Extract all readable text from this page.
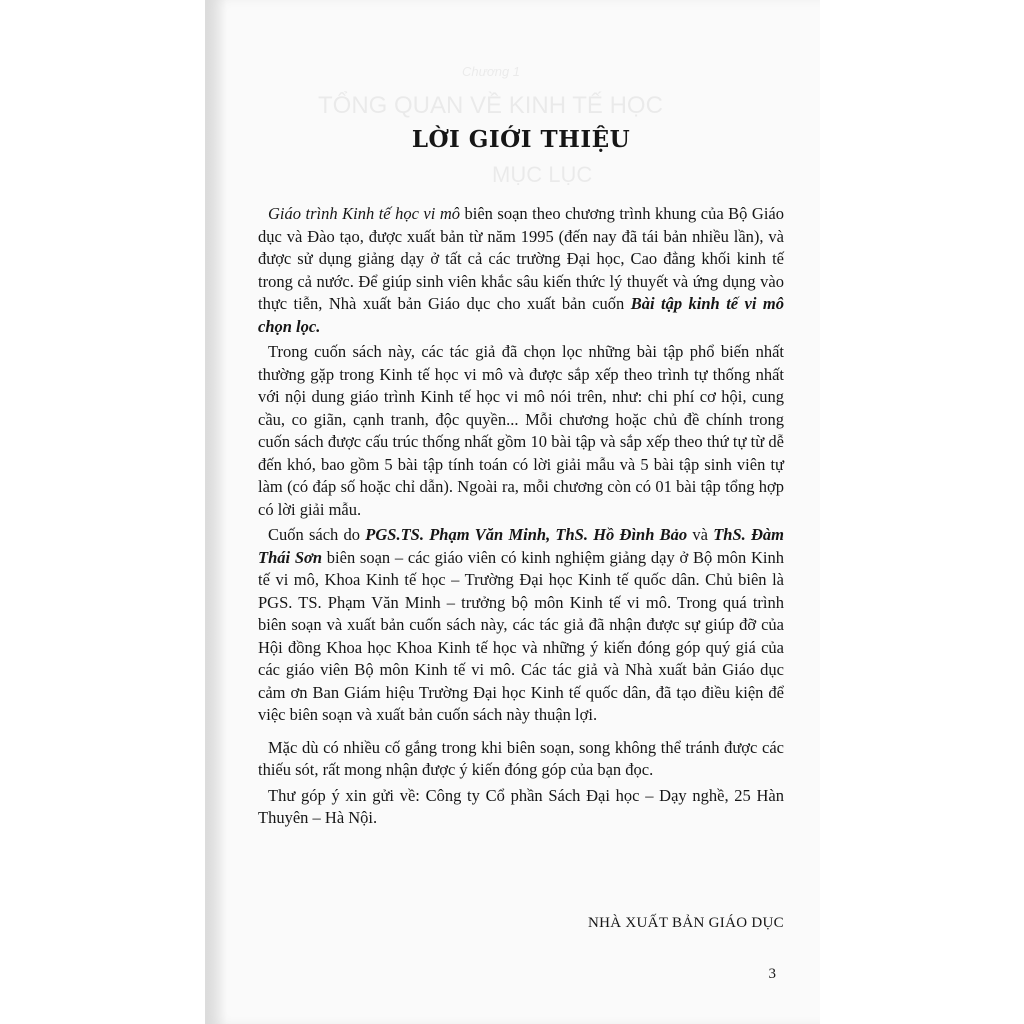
Chương 1
TỔNG QUAN VỀ KINH TẾ HỌC
MỤC LỤC
LỜI GIỚI THIỆU

Giáo trình Kinh tế học vi mô biên soạn theo chương trình khung của Bộ Giáo dục và Đào tạo, được xuất bản từ năm 1995 (đến nay đã tái bản nhiều lần), và được sử dụng giảng dạy ở tất cả các trường Đại học, Cao đẳng khối kinh tế trong cả nước. Để giúp sinh viên khắc sâu kiến thức lý thuyết và ứng dụng vào thực tiễn, Nhà xuất bản Giáo dục cho xuất bản cuốn Bài tập kinh tế vi mô chọn lọc.

Trong cuốn sách này, các tác giả đã chọn lọc những bài tập phổ biến nhất thường gặp trong Kinh tế học vi mô và được sắp xếp theo trình tự thống nhất với nội dung giáo trình Kinh tế học vi mô nói trên, như: chi phí cơ hội, cung cầu, co giãn, cạnh tranh, độc quyền... Mỗi chương hoặc chủ đề chính trong cuốn sách được cấu trúc thống nhất gồm 10 bài tập và sắp xếp theo thứ tự từ dễ đến khó, bao gồm 5 bài tập tính toán có lời giải mẫu và 5 bài tập sinh viên tự làm (có đáp số hoặc chỉ dẫn). Ngoài ra, mỗi chương còn có 01 bài tập tổng hợp có lời giải mẫu.

Cuốn sách do PGS.TS. Phạm Văn Minh, ThS. Hồ Đình Bảo và ThS. Đàm Thái Sơn biên soạn – các giáo viên có kinh nghiệm giảng dạy ở Bộ môn Kinh tế vi mô, Khoa Kinh tế học – Trường Đại học Kinh tế quốc dân. Chủ biên là PGS. TS. Phạm Văn Minh – trưởng bộ môn Kinh tế vi mô. Trong quá trình biên soạn và xuất bản cuốn sách này, các tác giả đã nhận được sự giúp đỡ của Hội đồng Khoa học Khoa Kinh tế học và những ý kiến đóng góp quý giá của các giáo viên Bộ môn Kinh tế vi mô. Các tác giả và Nhà xuất bản Giáo dục cảm ơn Ban Giám hiệu Trường Đại học Kinh tế quốc dân, đã tạo điều kiện để việc biên soạn và xuất bản cuốn sách này thuận lợi.

Mặc dù có nhiều cố gắng trong khi biên soạn, song không thể tránh được các thiếu sót, rất mong nhận được ý kiến đóng góp của bạn đọc.

Thư góp ý xin gửi về: Công ty Cổ phần Sách Đại học – Dạy nghề, 25 Hàn Thuyên – Hà Nội.

NHÀ XUẤT BẢN GIÁO DỤC
3
